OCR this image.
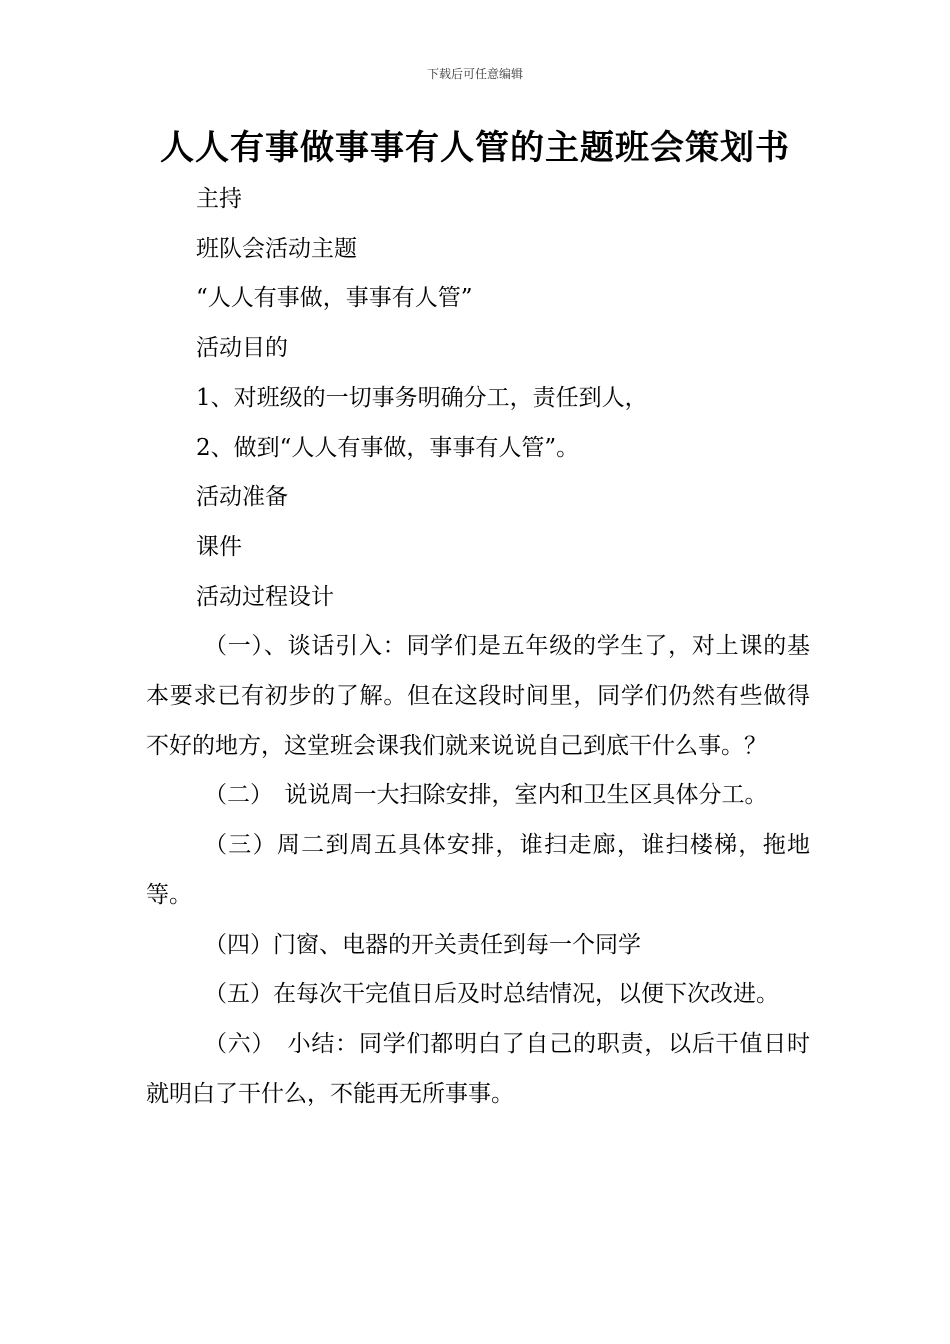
下载后可任意编辑
人人有事做事事有人管的主题班会策划书

主持

班队会活动主题

“人人有事做，事事有人管”

活动目的

1、对班级的一切事务明确分工，责任到人，

2、做到“人人有事做，事事有人管”。

活动准备

课件

活动过程设计

（一）、谈话引入：同学们是五年级的学生了，对上课的基本要求已有初步的了解。但在这段时间里，同学们仍然有些做得不好的地方，这堂班会课我们就来说说自己到底干什么事。？

（二）　说说周一大扫除安排，室内和卫生区具体分工。

（三）周二到周五具体安排，谁扫走廊，谁扫楼梯，拖地等。

（四）门窗、电器的开关责任到每一个同学

（五）在每次干完值日后及时总结情况，以便下次改进。

（六）　小结：同学们都明白了自己的职责，以后干值日时就明白了干什么，不能再无所事事。
